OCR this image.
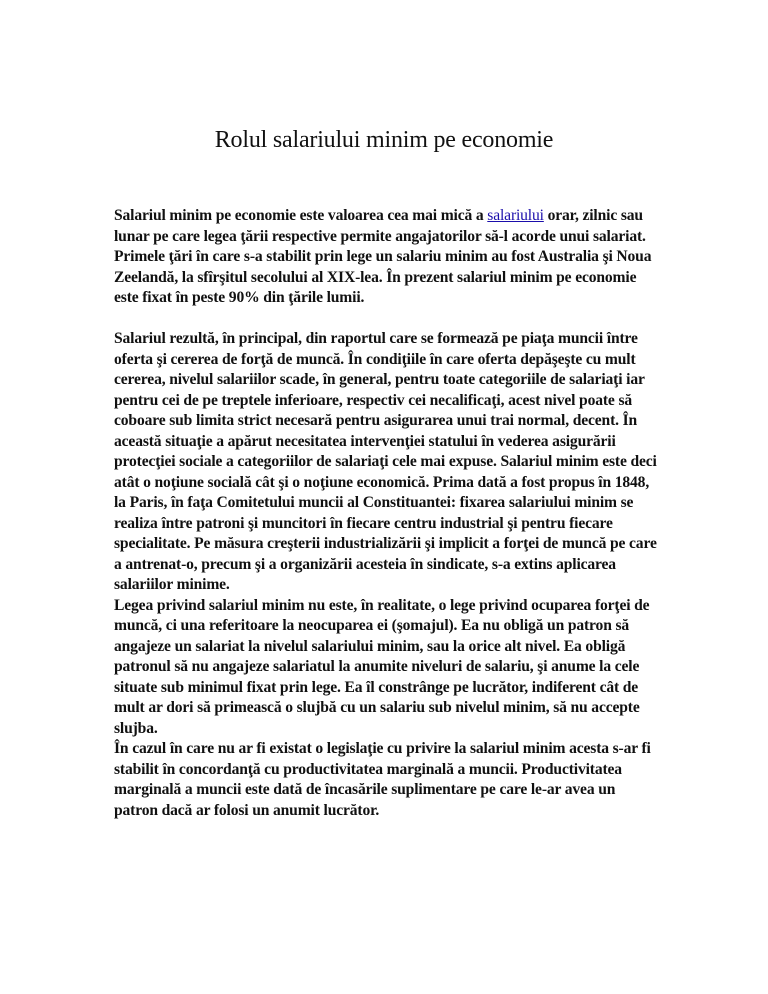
Rolul salariului minim pe economie

Salariul minim pe economie este valoarea cea mai mică a salariului orar, zilnic sau lunar pe care legea ţării respective permite angajatorilor să-l acorde unui salariat. Primele ţări în care s-a stabilit prin lege un salariu minim au fost Australia şi Noua Zeelandă, la sfîrşitul secolului al XIX-lea. În prezent salariul minim pe economie este fixat în peste 90% din ţările lumii.

Salariul rezultă, în principal, din raportul care se formează pe piaţa muncii între oferta şi cererea de forţă de muncă. În condiţiile în care oferta depăşeşte cu mult cererea, nivelul salariilor scade, în general, pentru toate categoriile de salariaţi iar pentru cei de pe treptele inferioare, respectiv cei necalificaţi, acest nivel poate să coboare sub limita strict necesară pentru asigurarea unui trai normal, decent. În această situaţie a apărut necesitatea intervenţiei statului în vederea asigurării protecţiei sociale a categoriilor de salariaţi cele mai expuse. Salariul minim este deci atât o noţiune socială cât şi o noţiune economică. Prima dată a fost propus în 1848, la Paris, în faţa Comitetului muncii al Constituantei: fixarea salariului minim se realiza între patroni şi muncitori în fiecare centru industrial şi pentru fiecare specialitate. Pe măsura creşterii industrializării şi implicit a forţei de muncă pe care a antrenat-o, precum şi a organizării acesteia în sindicate, s-a extins aplicarea salariilor minime.

Legea privind salariul minim nu este, în realitate, o lege privind ocuparea forţei de muncă, ci una referitoare la neocuparea ei (şomajul). Ea nu obligă un patron să angajeze un salariat la nivelul salariului minim, sau la orice alt nivel. Ea obligă patronul să nu angajeze salariatul la anumite niveluri de salariu, şi anume la cele situate sub minimul fixat prin lege. Ea îl constrânge pe lucrător, indiferent cât de mult ar dori să primească o slujbă cu un salariu sub nivelul minim, să nu accepte slujba.

În cazul în care nu ar fi existat o legislaţie cu privire la salariul minim acesta s-ar fi stabilit în concordanţă cu productivitatea marginală a muncii. Productivitatea marginală a muncii este dată de încasările suplimentare pe care le-ar avea un patron dacă ar folosi un anumit lucrător.
